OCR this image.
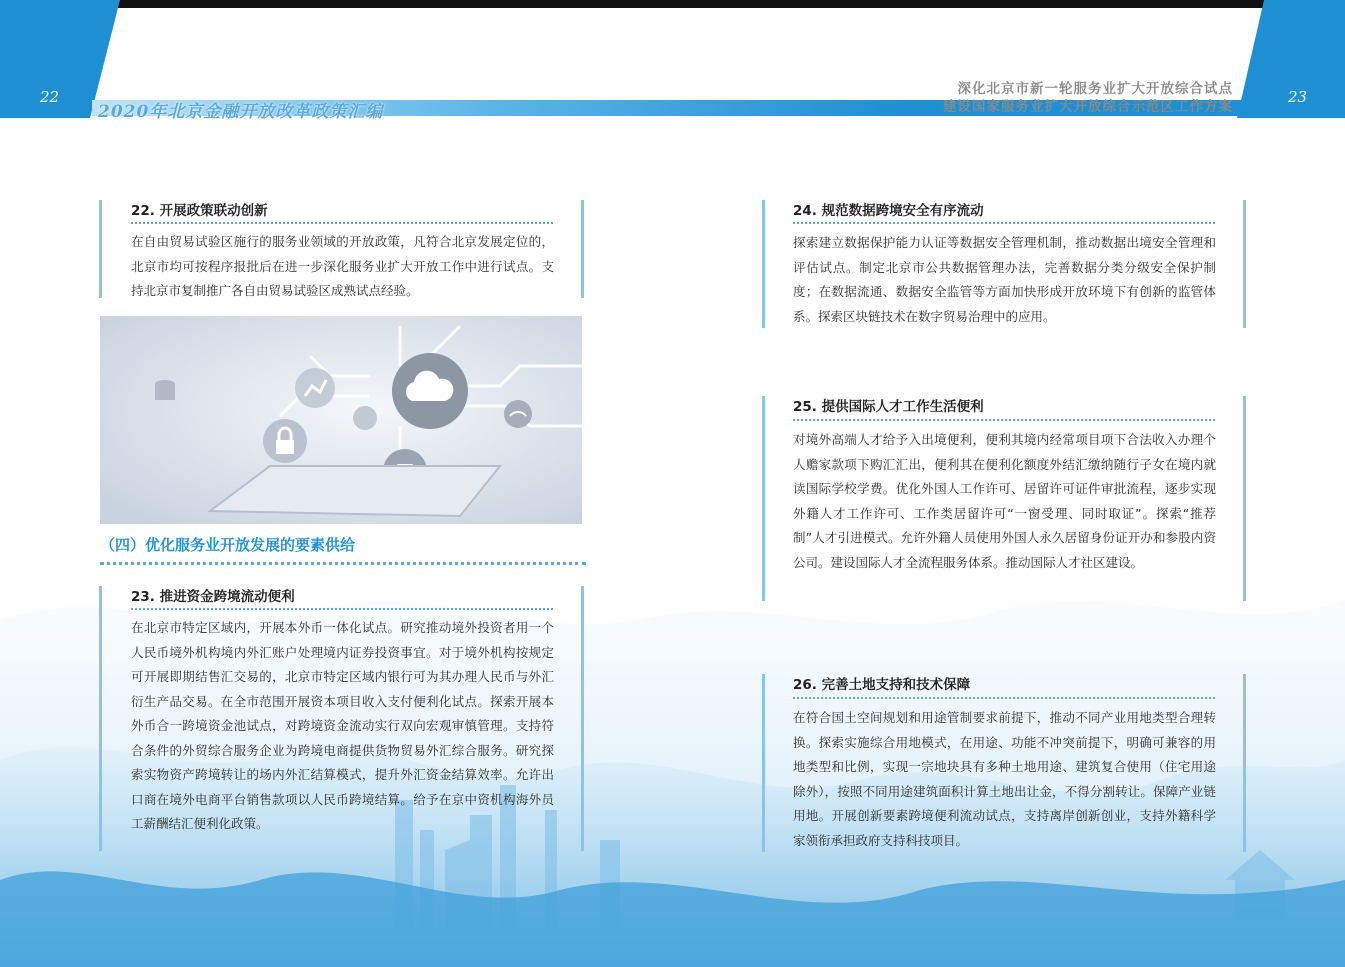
22	23
2020年北京金融开放改革政策汇编
深化北京市新一轮服务业扩大开放综合试点
建设国家服务业扩大开放综合示范区工作方案
22. 开展政策联动创新
在自由贸易试验区施行的服务业领域的开放政策，凡符合北京发展定位的，北京市均可按程序报批后在进一步深化服务业扩大开放工作中进行试点。支持北京市复制推广各自由贸易试验区成熟试点经验。
（四）优化服务业开放发展的要素供给
23. 推进资金跨境流动便利
在北京市特定区域内，开展本外币一体化试点。研究推动境外投资者用一个人民币境外机构境内外汇账户处理境内证券投资事宜。对于境外机构按规定可开展即期结售汇交易的，北京市特定区域内银行可为其办理人民币与外汇衍生产品交易。在全市范围开展资本项目收入支付便利化试点。探索开展本外币合一跨境资金池试点，对跨境资金流动实行双向宏观审慎管理。支持符合条件的外贸综合服务企业为跨境电商提供货物贸易外汇综合服务。研究探索实物资产跨境转让的场内外汇结算模式，提升外汇资金结算效率。允许出口商在境外电商平台销售款项以人民币跨境结算。给予在京中资机构海外员工薪酬结汇便利化政策。
24. 规范数据跨境安全有序流动
探索建立数据保护能力认证等数据安全管理机制，推动数据出境安全管理和评估试点。制定北京市公共数据管理办法，完善数据分类分级安全保护制度；在数据流通、数据安全监管等方面加快形成开放环境下有创新的监管体系。探索区块链技术在数字贸易治理中的应用。
25. 提供国际人才工作生活便利
对境外高端人才给予入出境便利，便利其境内经常项目项下合法收入办理个人赡家款项下购汇汇出，便利其在便利化额度外结汇缴纳随行子女在境内就读国际学校学费。优化外国人工作许可、居留许可证件审批流程，逐步实现外籍人才工作许可、工作类居留许可“一窗受理、同时取证”。探索“推荐制”人才引进模式。允许外籍人员使用外国人永久居留身份证开办和参股内资公司。建设国际人才全流程服务体系。推动国际人才社区建设。
26. 完善土地支持和技术保障
在符合国土空间规划和用途管制要求前提下，推动不同产业用地类型合理转换。探索实施综合用地模式，在用途、功能不冲突前提下，明确可兼容的用地类型和比例，实现一宗地块具有多种土地用途、建筑复合使用（住宅用途除外），按照不同用途建筑面积计算土地出让金，不得分割转让。保障产业链用地。开展创新要素跨境便利流动试点，支持离岸创新创业，支持外籍科学家领衔承担政府支持科技项目。
